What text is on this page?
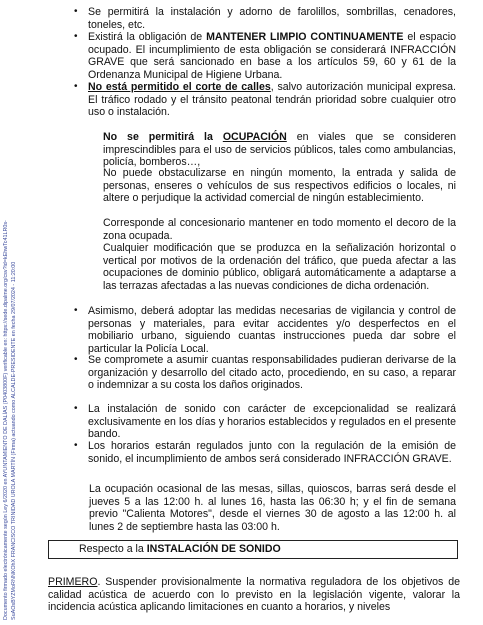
Documento firmado electrónicamente según Ley 6/2020 en AYUNTAMIENTO DE DALÍAS (P0403800F) verificable en: https://sede.dipalme.org/csv?id=kEhwTc41LR0s- SuAOsBYZMoRNNKOhX FRANCISCO TRINIDAD UROLA MARTÍN (Firma) actuando como ALCALDE-PRESIDENTE en fecha 29/07/2024 - 11:20:00

• Se permitirá la instalación y adorno de farolillos, sombrillas, cenadores, toneles, etc.

• Existirá la obligación de MANTENER LIMPIO CONTINUAMENTE el espacio ocupado. El incumplimiento de esta obligación se considerará INFRACCIÓN GRAVE que será sancionado en base a los artículos 59, 60 y 61 de la Ordenanza Municipal de Higiene Urbana.

• No está permitido el corte de calles, salvo autorización municipal expresa. El tráfico rodado y el tránsito peatonal tendrán prioridad sobre cualquier otro uso o instalación.

No se permitirá la OCUPACIÓN en viales que se consideren imprescindibles para el uso de servicios públicos, tales como ambulancias, policía, bomberos…,

No puede obstaculizarse en ningún momento, la entrada y salida de personas, enseres o vehículos de sus respectivos edificios o locales, ni altere o perjudique la actividad comercial de ningún establecimiento.

Corresponde al concesionario mantener en todo momento el decoro de la zona ocupada.

Cualquier modificación que se produzca en la señalización horizontal o vertical por motivos de la ordenación del tráfico, que pueda afectar a las ocupaciones de dominio público, obligará automáticamente a adaptarse a las terrazas afectadas a las nuevas condiciones de dicha ordenación.

• Asimismo, deberá adoptar las medidas necesarias de vigilancia y control de personas y materiales, para evitar accidentes y/o desperfectos en el mobiliario urbano, siguiendo cuantas instrucciones pueda dar sobre el particular la Policía Local.

• Se compromete a asumir cuantas responsabilidades pudieran derivarse de la organización y desarrollo del citado acto, procediendo, en su caso, a reparar o indemnizar a su costa los daños originados.

• La instalación de sonido con carácter de excepcionalidad se realizará exclusivamente en los días y horarios establecidos y regulados en el presente bando.

• Los horarios estarán regulados junto con la regulación de la emisión de sonido, el incumplimiento de ambos será considerado INFRACCIÓN GRAVE.

La ocupación ocasional de las mesas, sillas, quioscos, barras será desde el jueves 5 a las 12:00 h. al lunes 16, hasta las 06:30 h; y el fin de semana previo "Calienta Motores", desde el viernes 30 de agosto a las 12:00 h. al lunes 2 de septiembre hasta las 03:00 h.

Respecto a la INSTALACIÓN DE SONIDO

PRIMERO. Suspender provisionalmente la normativa reguladora de los objetivos de calidad acústica de acuerdo con lo previsto en la legislación vigente, valorar la incidencia acústica aplicando limitaciones en cuanto a horarios, y niveles
